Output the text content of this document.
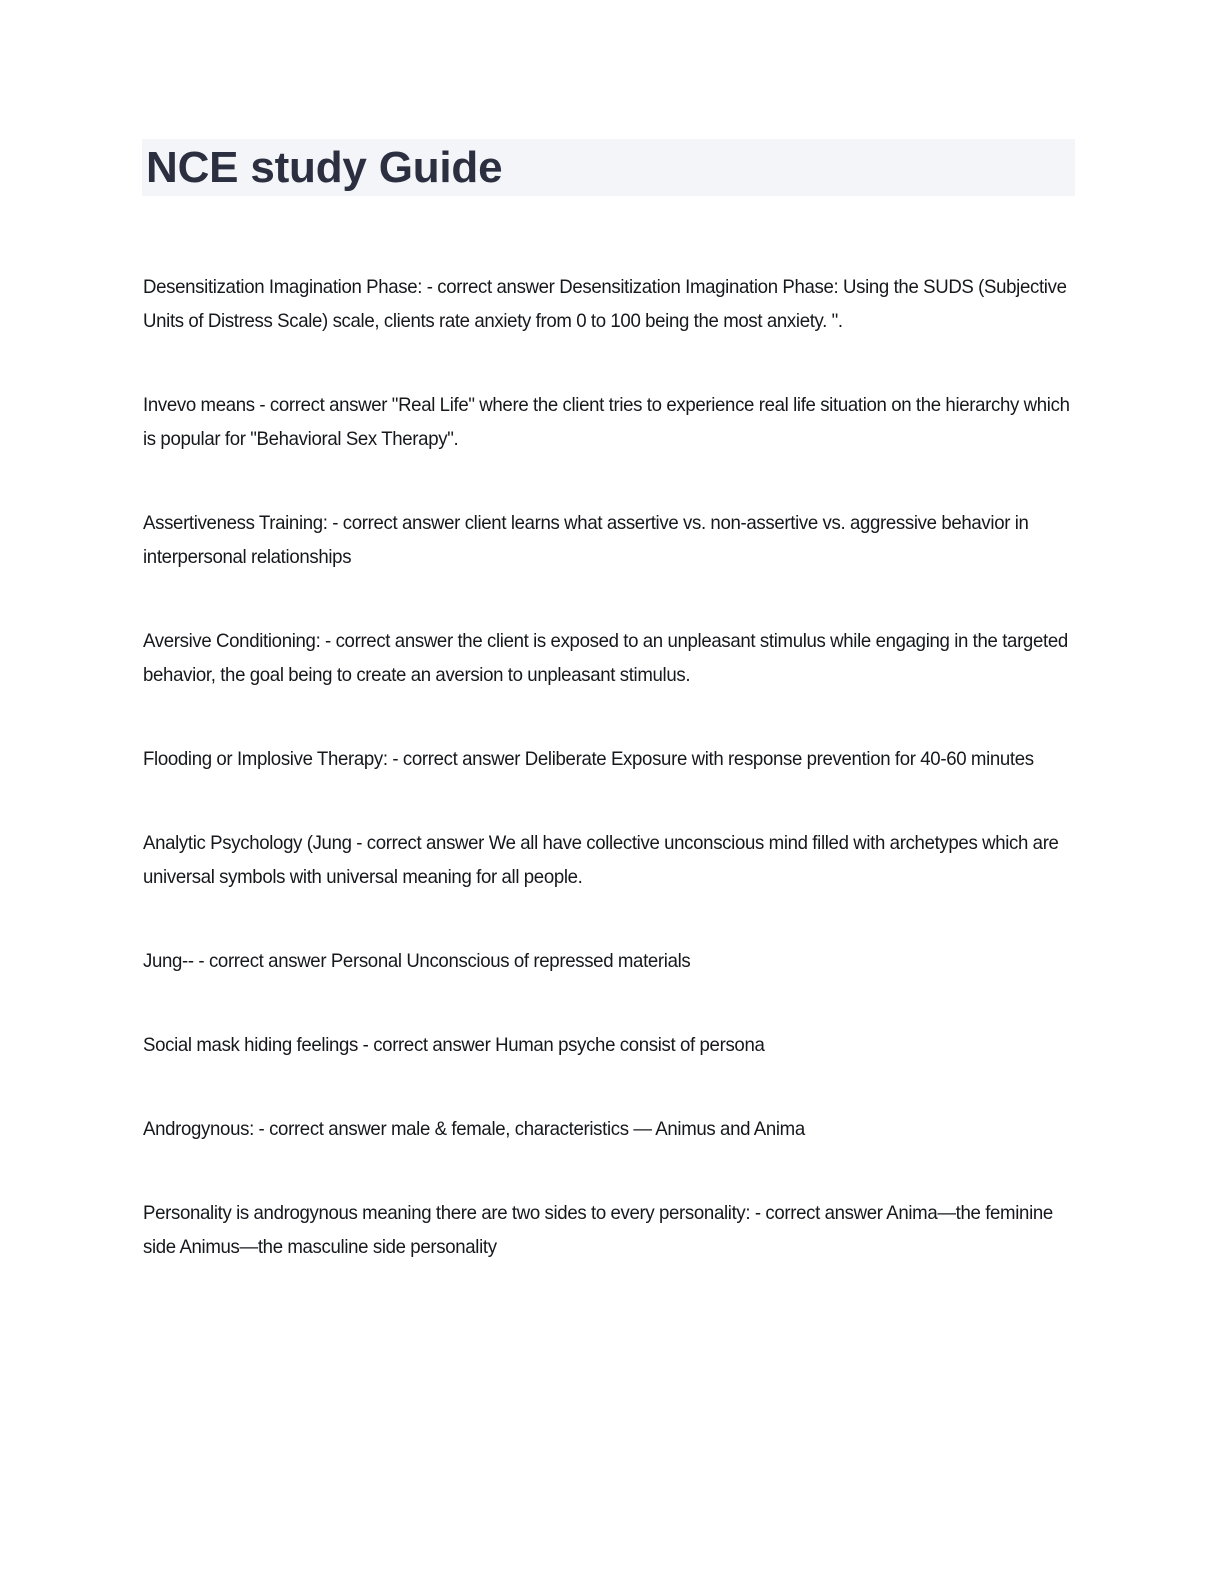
NCE study Guide

Desensitization Imagination Phase: - correct answer Desensitization Imagination Phase: Using the SUDS (Subjective Units of Distress Scale) scale, clients rate anxiety from 0 to 100 being the most anxiety. ".

Invevo means - correct answer "Real Life" where the client tries to experience real life situation on the hierarchy which is popular for "Behavioral Sex Therapy".

Assertiveness Training: - correct answer client learns what assertive vs. non-assertive vs. aggressive behavior in interpersonal relationships

Aversive Conditioning: - correct answer the client is exposed to an unpleasant stimulus while engaging in the targeted behavior, the goal being to create an aversion to unpleasant stimulus.

Flooding or Implosive Therapy: - correct answer Deliberate Exposure with response prevention for 40-60 minutes

Analytic Psychology (Jung - correct answer We all have collective unconscious mind filled with archetypes which are universal symbols with universal meaning for all people.

Jung-- - correct answer Personal Unconscious of repressed materials

Social mask hiding feelings - correct answer Human psyche consist of persona

Androgynous: - correct answer male & female, characteristics — Animus and Anima

Personality is androgynous meaning there are two sides to every personality: - correct answer Anima—the feminine side Animus—the masculine side personality
